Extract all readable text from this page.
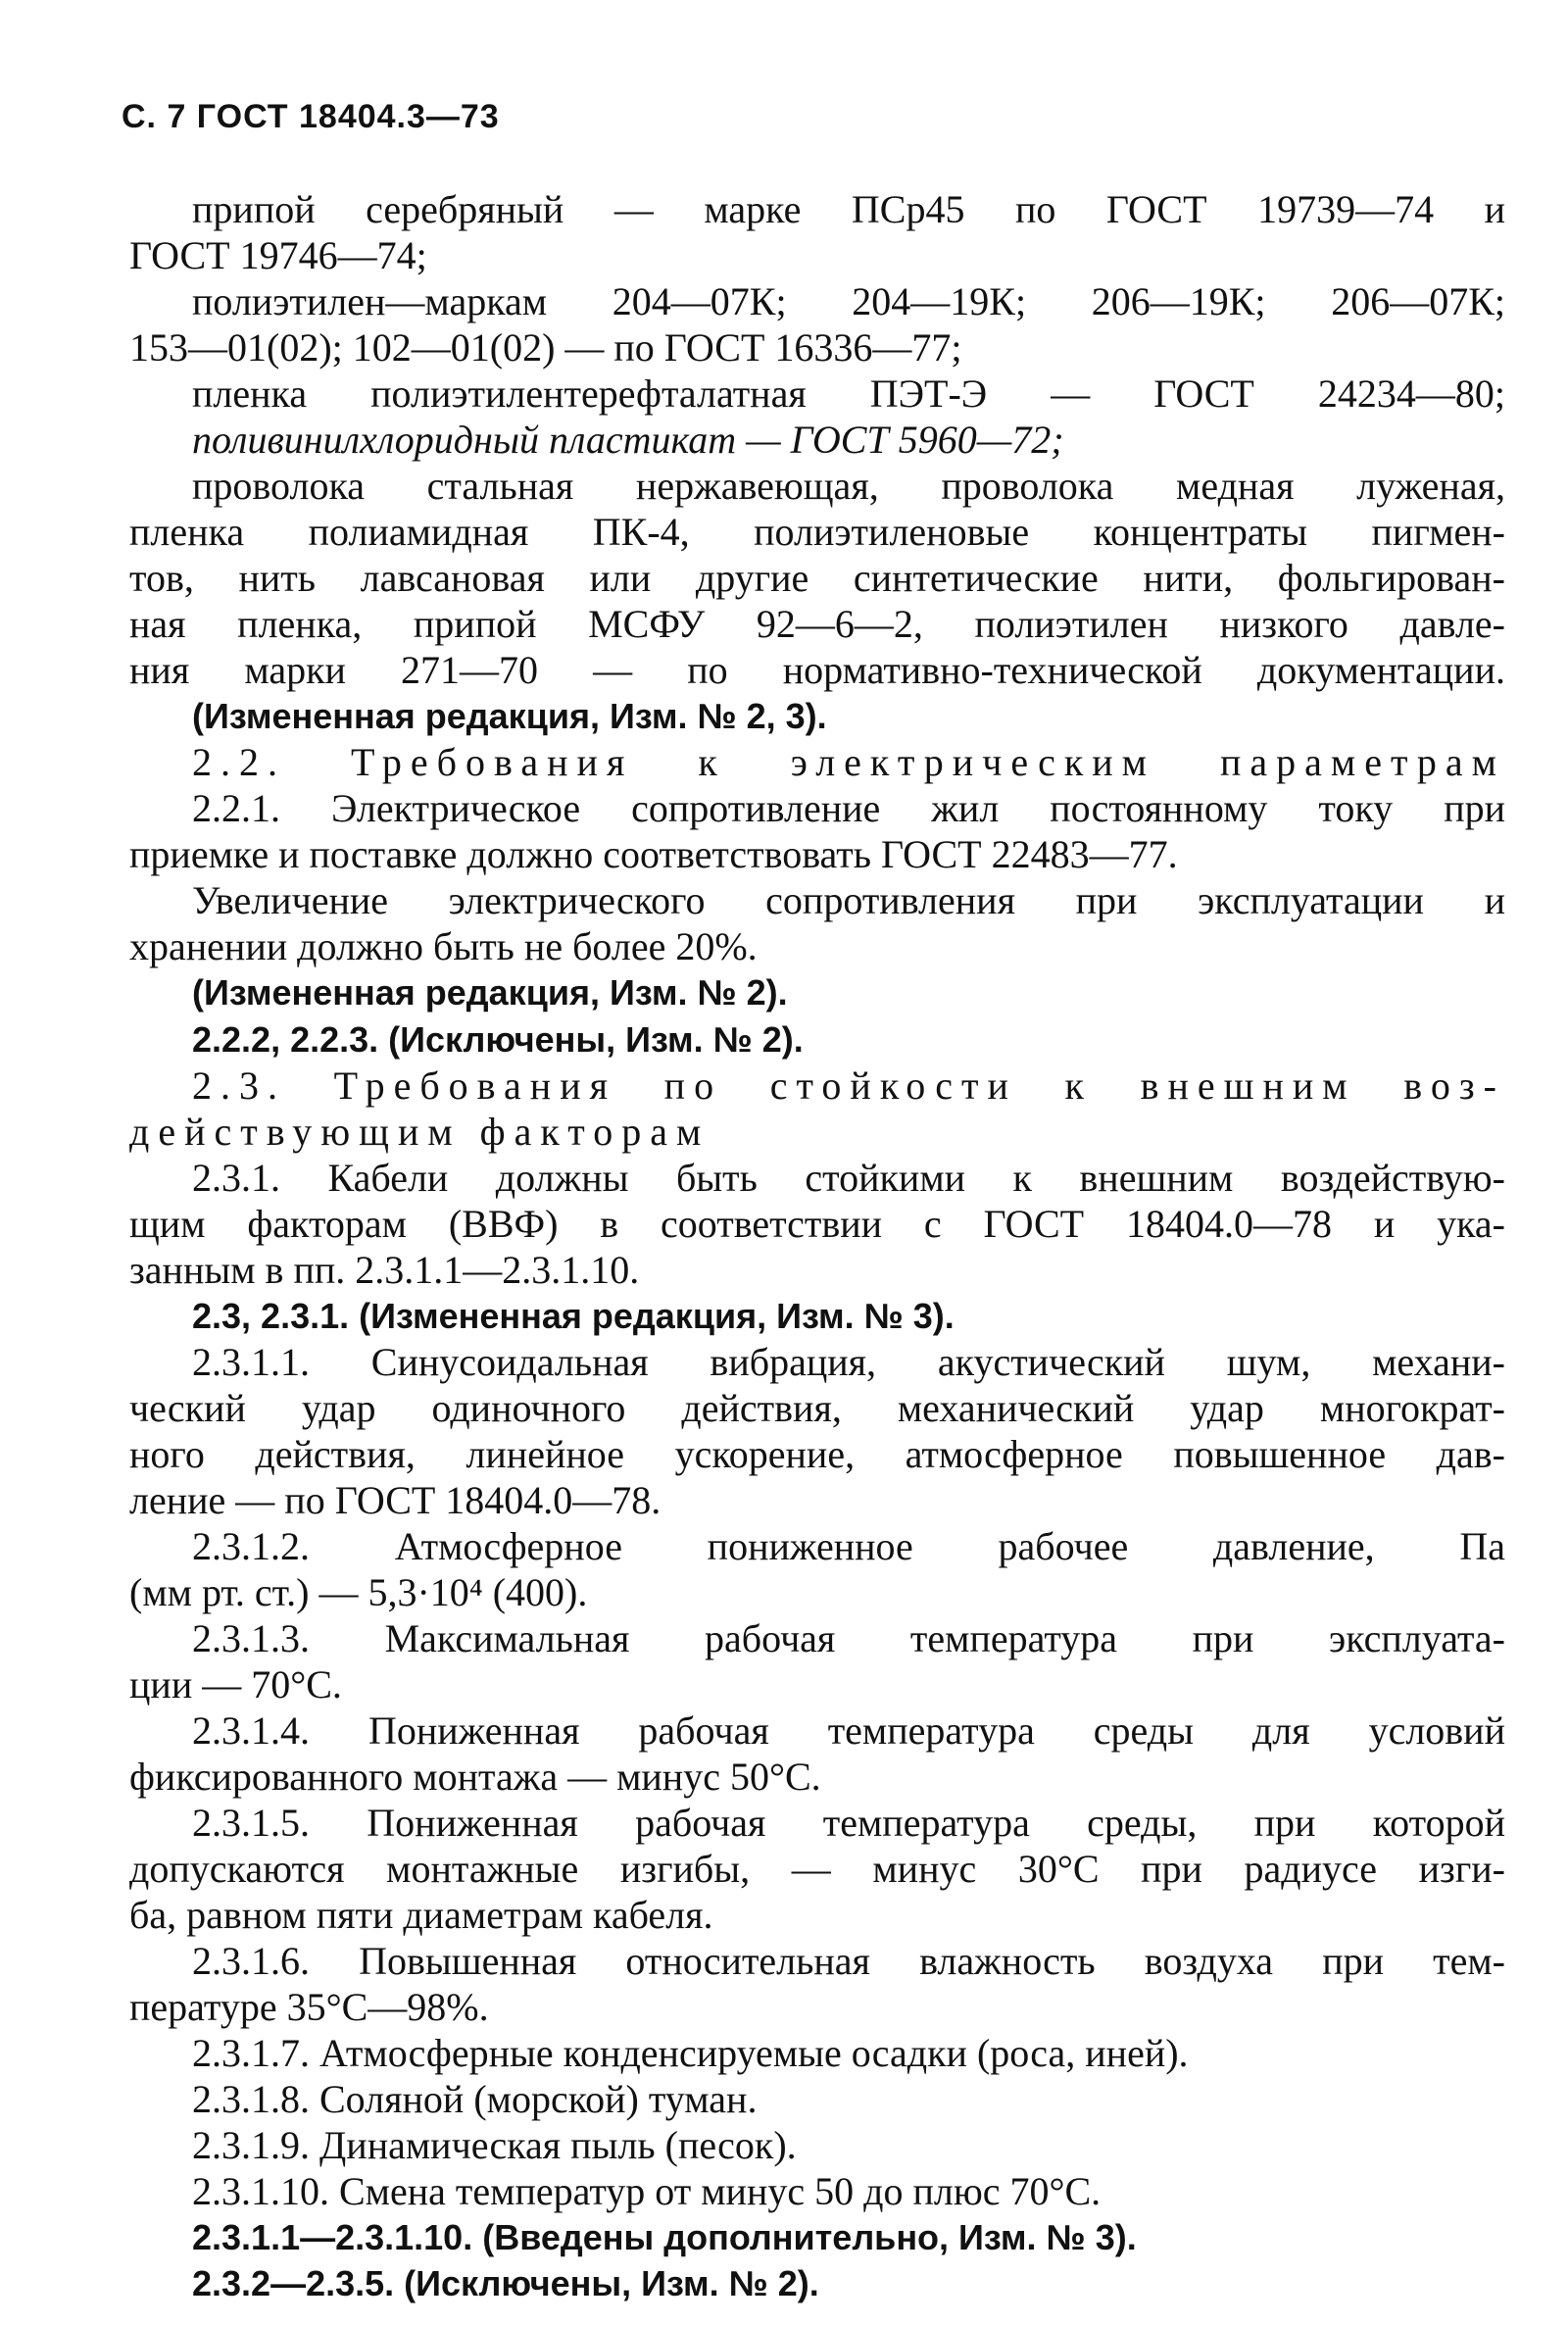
С. 7 ГОСТ 18404.3—73

припой серебряный — марке ПСр45 по ГОСТ 19739—74 и

ГОСТ 19746—74;

полиэтилен—маркам 204—07К; 204—19К; 206—19К; 206—07К;

153—01(02); 102—01(02) — по ГОСТ 16336—77;

пленка полиэтилентерефталатная ПЭТ-Э — ГОСТ 24234—80;

поливинилхлоридный пластикат — ГОСТ 5960—72;

проволока стальная нержавеющая, проволока медная луженая,

пленка полиамидная ПК-4, полиэтиленовые концентраты пигмен-

тов, нить лавсановая или другие синтетические нити, фольгирован-

ная пленка, припой МСФУ 92—6—2, полиэтилен низкого давле-

ния марки 271—70 — по нормативно-технической документации.

(Измененная редакция, Изм. № 2, 3).

2.2. Требования к электрическим параметрам

2.2.1. Электрическое сопротивление жил постоянному току при

приемке и поставке должно соответствовать ГОСТ 22483—77.

Увеличение электрического сопротивления при эксплуатации и

хранении должно быть не более 20%.

(Измененная редакция, Изм. № 2).

2.2.2, 2.2.3. (Исключены, Изм. № 2).

2.3. Требования по стойкости к внешним воз-

действующим факторам

2.3.1. Кабели должны быть стойкими к внешним воздействую-

щим факторам (ВВФ) в соответствии с ГОСТ 18404.0—78 и ука-

занным в пп. 2.3.1.1—2.3.1.10.

2.3, 2.3.1. (Измененная редакция, Изм. № 3).

2.3.1.1. Синусоидальная вибрация, акустический шум, механи-

ческий удар одиночного действия, механический удар многократ-

ного действия, линейное ускорение, атмосферное повышенное дав-

ление — по ГОСТ 18404.0—78.

2.3.1.2. Атмосферное пониженное рабочее давление, Па

(мм рт. ст.) — 5,3·10⁴ (400).

2.3.1.3. Максимальная рабочая температура при эксплуата-

ции — 70°С.

2.3.1.4. Пониженная рабочая температура среды для условий

фиксированного монтажа — минус 50°С.

2.3.1.5. Пониженная рабочая температура среды, при которой

допускаются монтажные изгибы, — минус 30°С при радиусе изги-

ба, равном пяти диаметрам кабеля.

2.3.1.6. Повышенная относительная влажность воздуха при тем-

пературе 35°С—98%.

2.3.1.7. Атмосферные конденсируемые осадки (роса, иней).

2.3.1.8. Соляной (морской) туман.

2.3.1.9. Динамическая пыль (песок).

2.3.1.10. Смена температур от минус 50 до плюс 70°С.

2.3.1.1—2.3.1.10. (Введены дополнительно, Изм. № 3).

2.3.2—2.3.5. (Исключены, Изм. № 2).
